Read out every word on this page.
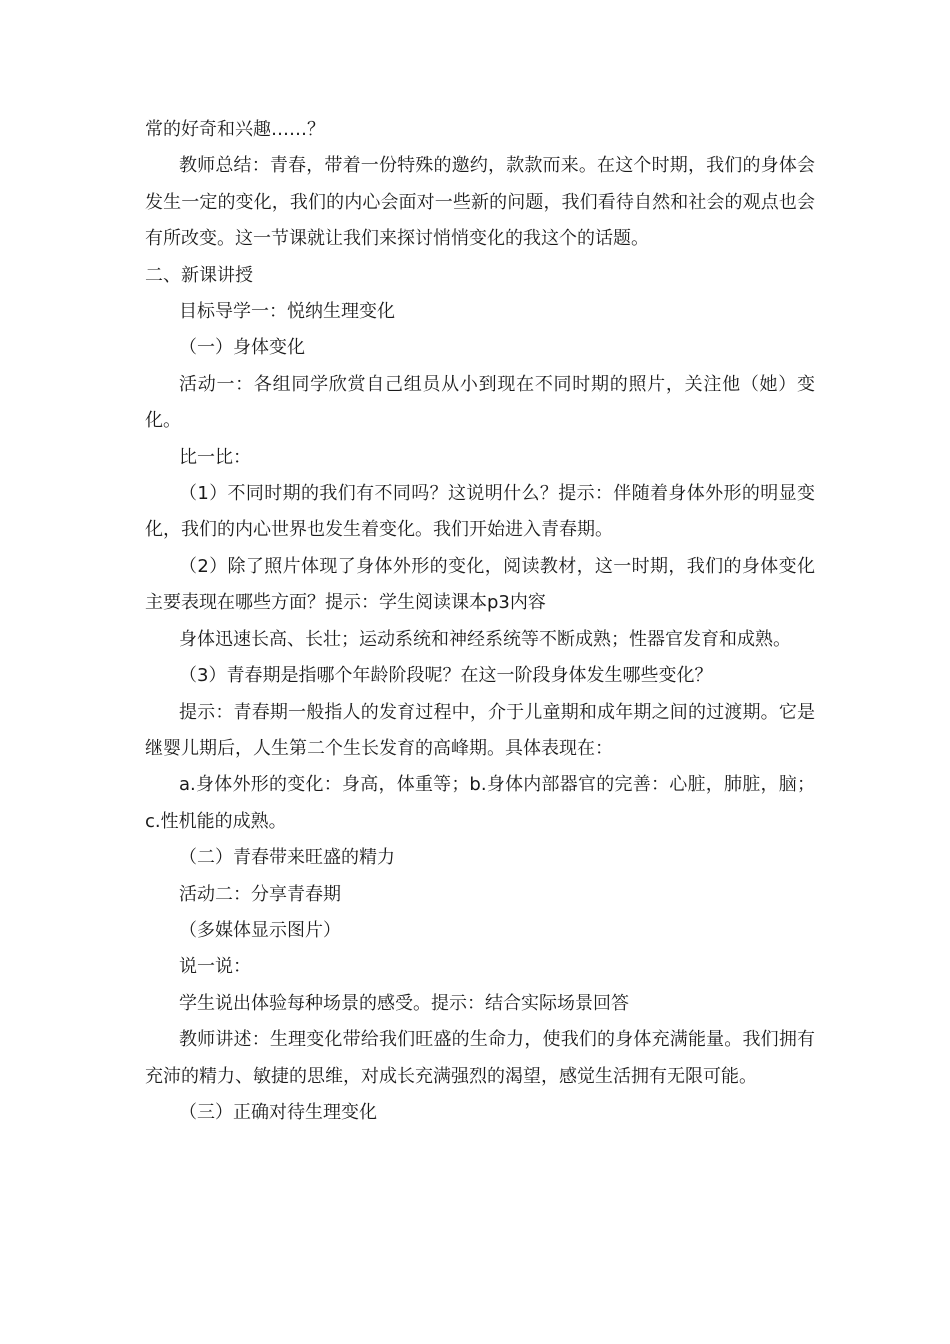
常的好奇和兴趣……？

教师总结：青春，带着一份特殊的邀约，款款而来。在这个时期，我们的身体会发生一定的变化，我们的内心会面对一些新的问题，我们看待自然和社会的观点也会有所改变。这一节课就让我们来探讨悄悄变化的我这个的话题。

二、新课讲授

目标导学一：悦纳生理变化

（一）身体变化

活动一：各组同学欣赏自己组员从小到现在不同时期的照片，关注他（她）变化。

比一比：

（1）不同时期的我们有不同吗？这说明什么？提示：伴随着身体外形的明显变化，我们的内心世界也发生着变化。我们开始进入青春期。

（2）除了照片体现了身体外形的变化，阅读教材，这一时期，我们的身体变化主要表现在哪些方面？提示：学生阅读课本p3内容

身体迅速长高、长壮；运动系统和神经系统等不断成熟；性器官发育和成熟。

（3）青春期是指哪个年龄阶段呢？在这一阶段身体发生哪些变化？

提示：青春期一般指人的发育过程中，介于儿童期和成年期之间的过渡期。它是继婴儿期后，人生第二个生长发育的高峰期。具体表现在：

a.身体外形的变化：身高，体重等；b.身体内部器官的完善：心脏，肺脏，脑；c.性机能的成熟。

（二）青春带来旺盛的精力

活动二：分享青春期

（多媒体显示图片）

说一说：

学生说出体验每种场景的感受。提示：结合实际场景回答

教师讲述：生理变化带给我们旺盛的生命力，使我们的身体充满能量。我们拥有充沛的精力、敏捷的思维，对成长充满强烈的渴望，感觉生活拥有无限可能。

（三）正确对待生理变化
